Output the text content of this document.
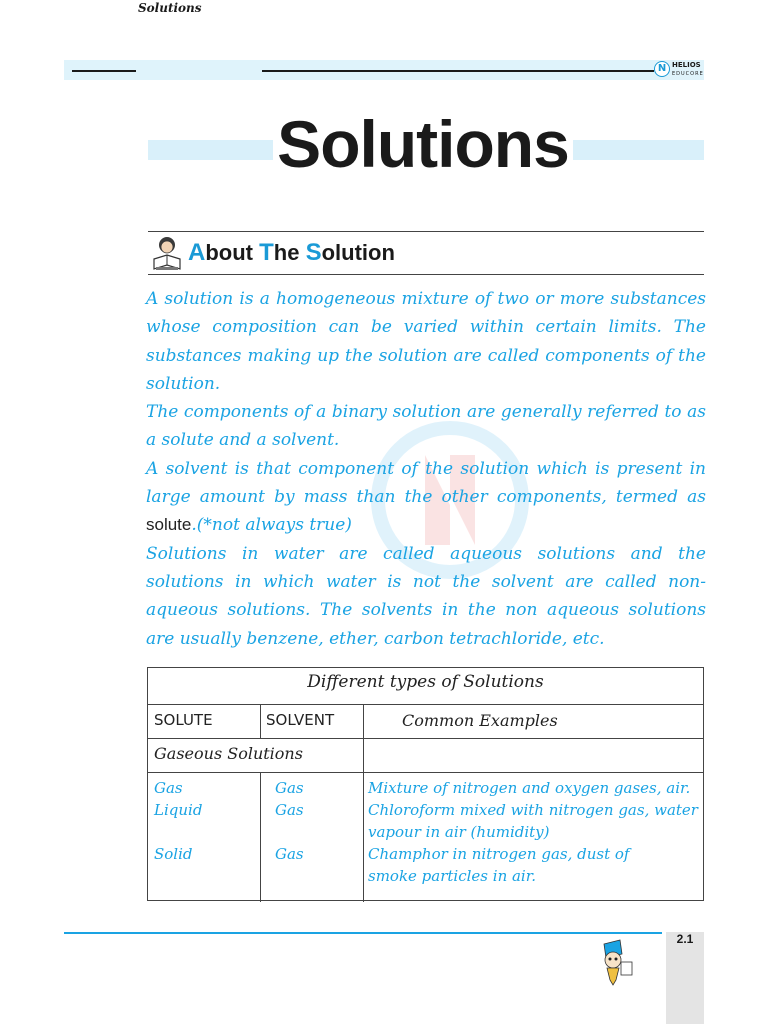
Solutions
N HELIOS
EDUCORE
Solutions
About The Solution

A solution is a homogeneous mixture of two or more substances whose composition can be varied within certain limits. The substances making up the solution are called components of the solution.

The components of a binary solution are generally referred to as a solute and a solvent.

A solvent is that component of the solution which is present in large amount by mass than the other components, termed as solute.(*not always true)

Solutions in water are called aqueous solutions and the solutions in which water is not the solvent are called non-aqueous solutions. The solvents in the non aqueous solutions are usually benzene, ether, carbon tetrachloride, etc.

Different types of Solutions
SOLUTE	SOLVENT	Common Examples
Gaseous Solutions
Gas	Gas	Mixture of nitrogen and oxygen gases, air.
Liquid	Gas	Chloroform mixed with nitrogen gas, water vapour in air (humidity)
Solid	Gas	Champhor in nitrogen gas, dust of smoke particles in air.
2.1
